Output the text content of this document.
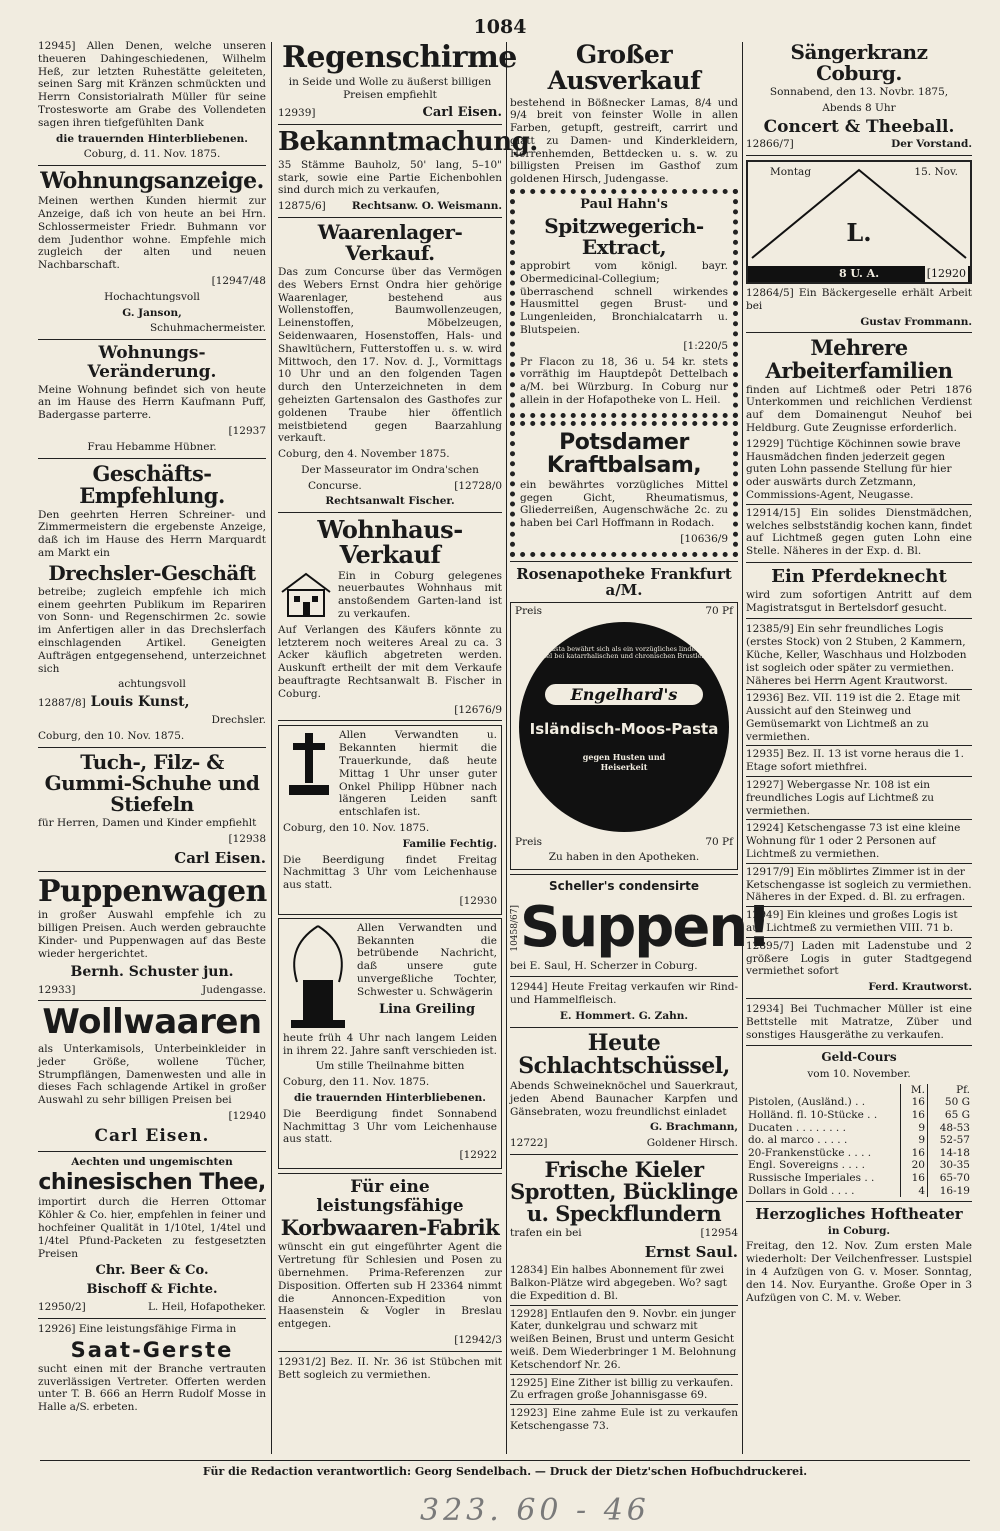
1084

12945] Allen Denen, welche unseren theueren Dahingeschiedenen, Wilhelm Heß, zur letzten Ruhestätte geleiteten, seinen Sarg mit Kränzen schmückten und Herrn Consistorialrath Müller für seine Trostesworte am Grabe des Vollendeten sagen ihren tiefgefühlten Dank

die trauernden Hinterbliebenen.

Coburg, d. 11. Nov. 1875.

Wohnungsanzeige.

Meinen werthen Kunden hiermit zur Anzeige, daß ich von heute an bei Hrn. Schlossermeister Friedr. Buhmann vor dem Judenthor wohne. Empfehle mich zugleich der alten und neuen Nachbarschaft.

[12947/48

Hochachtungsvoll

G. Janson,

Schuhmachermeister.

Wohnungs-Veränderung.

Meine Wohnung befindet sich von heute an im Hause des Herrn Kaufmann Puff, Badergasse parterre.

[12937

Frau Hebamme Hübner.

Geschäfts-Empfehlung.

Den geehrten Herren Schreiner- und Zimmermeistern die ergebenste Anzeige, daß ich im Hause des Herrn Marquardt am Markt ein

Drechsler-Geschäft

betreibe; zugleich empfehle ich mich einem geehrten Publikum im Repariren von Sonn- und Regenschirmen 2c. sowie im Anfertigen aller in das Drechslerfach einschlagenden Artikel. Geneigten Aufträgen entgegensehend, unterzeichnet sich

achtungsvoll

12887/8] Louis Kunst,

Drechsler.

Coburg, den 10. Nov. 1875.

Tuch-, Filz- & Gummi-Schuhe und Stiefeln

für Herren, Damen und Kinder empfiehlt

[12938

Carl Eisen.

Puppenwagen

in großer Auswahl empfehle ich zu billigen Preisen. Auch werden gebrauchte Kinder- und Puppenwagen auf das Beste wieder hergerichtet.

Bernh. Schuster jun.

12933]	Judengasse.

Wollwaaren

als Unterkamisols, Unterbeinkleider in jeder Größe, wollene Tücher, Strumpflängen, Damenwesten und alle in dieses Fach schlagende Artikel in großer Auswahl zu sehr billigen Preisen bei

[12940

Carl Eisen.

Aechten und ungemischten

chinesischen Thee,

importirt durch die Herren Ottomar Köhler & Co. hier, empfehlen in feiner und hochfeiner Qualität in 1/10tel, 1/4tel und 1/4tel Pfund-Packeten zu festgesetzten Preisen

Chr. Beer & Co.

Bischoff & Fichte.

12950/2]	L. Heil, Hofapotheker.

12926] Eine leistungsfähige Firma in

Saat-Gerste

sucht einen mit der Branche vertrauten zuverlässigen Vertreter. Offerten werden unter T. B. 666 an Herrn Rudolf Mosse in Halle a/S. erbeten.

Regenschirme

in Seide und Wolle zu äußerst billigen Preisen empfiehlt

12939]	Carl Eisen.

Bekanntmachung.

35 Stämme Bauholz, 50' lang, 5–10" stark, sowie eine Partie Eichenbohlen sind durch mich zu verkaufen,

12875/6] Rechtsanw. O. Weismann.

Waarenlager-Verkauf.

Das zum Concurse über das Vermögen des Webers Ernst Ondra hier gehörige Waarenlager, bestehend aus Wollenstoffen, Baumwollenzeugen, Leinenstoffen, Möbelzeugen, Seidenwaaren, Hosenstoffen, Hals- und Shawltüchern, Futterstoffen u. s. w. wird Mittwoch, den 17. Nov. d. J., Vormittags 10 Uhr und an den folgenden Tagen durch den Unterzeichneten in dem geheizten Gartensalon des Gasthofes zur goldenen Traube hier öffentlich meistbietend gegen Baarzahlung verkauft.

Coburg, den 4. November 1875.

Der Masseurator im Ondra'schen

Concurse.	[12728/0

Rechtsanwalt Fischer.

Wohnhaus-Verkauf

Ein in Coburg gelegenes neuerbautes Wohnhaus mit anstoßendem Garten-land ist zu verkaufen.

Auf Verlangen des Käufers könnte zu letzterem noch weiteres Areal zu ca. 3 Acker käuflich abgetreten werden. Auskunft ertheilt der mit dem Verkaufe beauftragte Rechtsanwalt B. Fischer in Coburg.

[12676/9

Allen Verwandten u. Bekannten hiermit die Trauerkunde, daß heute Mittag 1 Uhr unser guter Onkel Philipp Hübner nach längeren Leiden sanft entschlafen ist.

Coburg, den 10. Nov. 1875.

Familie Fechtig.

Die Beerdigung findet Freitag Nachmittag 3 Uhr vom Leichenhause aus statt.

[12930

Allen Verwandten und Bekannten die betrübende Nachricht, daß unsere gute unvergeßliche Tochter, Schwester u. Schwägerin

Lina Greiling

heute früh 4 Uhr nach langem Leiden in ihrem 22. Jahre sanft verschieden ist.

Um stille Theilnahme bitten

Coburg, den 11. Nov. 1875.

die trauernden Hinterbliebenen.

Die Beerdigung findet Sonnabend Nachmittag 3 Uhr vom Leichenhause aus statt.

[12922

Für eine leistungsfähige
Korbwaaren-Fabrik

wünscht ein gut eingeführter Agent die Vertretung für Schlesien und Posen zu übernehmen. Prima-Referenzen zur Disposition. Offerten sub H 23364 nimmt die Annoncen-Expedition von Haasenstein & Vogler in Breslau entgegen.

[12942/3

12931/2] Bez. II. Nr. 36 ist Stübchen mit Bett sogleich zu vermiethen.

Großer Ausverkauf

bestehend in Bößnecker Lamas, 8/4 und 9/4 breit von feinster Wolle in allen Farben, getupft, gestreift, carrirt und glatt zu Damen- und Kinderkleidern, Herrenhemden, Bettdecken u. s. w. zu billigsten Preisen im Gasthof zum goldenen Hirsch, Judengasse.

Paul Hahn's

Spitzwegerich-Extract,

approbirt vom königl. bayr. Obermedicinal-Collegium; überraschend schnell wirkendes Hausmittel gegen Brust- und Lungenleiden, Bronchialcatarrh u. Blutspeien.

[1:220/5

Pr Flacon zu 18, 36 u. 54 kr. stets vorräthig im Hauptdepôt Dettelbach a/M. bei Würzburg. In Coburg nur allein in der Hofapotheke von L. Heil.

Potsdamer Kraftbalsam,

ein bewährtes vorzügliches Mittel gegen Gicht, Rheumatismus, Gliederreißen, Augenschwäche 2c. zu haben bei Carl Hoffmann in Rodach.

[10636/9

Rosenapotheke Frankfurt a/M.

Preis	70 Pf

Die Pasta bewährt sich als ein vorzügliches linderndes Mittel bei katarrhalischen und chronischen Brustleiden
Engelhard's
Isländisch-Moos-Pasta
gegen Husten und Heiserkeit

Preis	70 Pf

Zu haben in den Apotheken.

Scheller's condensirte

10458/67] Suppen!

bei E. Saul, H. Scherzer in Coburg.

12944] Heute Freitag verkaufen wir Rind- und Hammelfleisch.

E. Hommert. G. Zahn.

Heute Schlachtschüssel,

Abends Schweineknöchel und Sauerkraut, jeden Abend Baunacher Karpfen und Gänsebraten, wozu freundlichst einladet

G. Brachmann,

12722]	Goldener Hirsch.

Frische Kieler Sprotten, Bücklinge u. Speckflundern

trafen ein bei	[12954

Ernst Saul.

12834] Ein halbes Abonnement für zwei Balkon-Plätze wird abgegeben. Wo? sagt die Expedition d. Bl.

12928] Entlaufen den 9. Novbr. ein junger Kater, dunkelgrau und schwarz mit weißen Beinen, Brust und unterm Gesicht weiß. Dem Wiederbringer 1 M. Belohnung Ketschendorf Nr. 26.

12925] Eine Zither ist billig zu verkaufen. Zu erfragen große Johannisgasse 69.

12923] Eine zahme Eule ist zu verkaufen Ketschengasse 73.

Sängerkranz Coburg.

Sonnabend, den 13. Novbr. 1875,

Abends 8 Uhr

Concert & Theeball.

12866/7]	Der Vorstand.

Montag	15. Nov.
L.
8 U. A.	[12920

12864/5] Ein Bäckergeselle erhält Arbeit bei

Gustav Frommann.

Mehrere Arbeiterfamilien

finden auf Lichtmeß oder Petri 1876 Unterkommen und reichlichen Verdienst auf dem Domainengut Neuhof bei Heldburg. Gute Zeugnisse erforderlich.

12929] Tüchtige Köchinnen sowie brave Hausmädchen finden jederzeit gegen guten Lohn passende Stellung für hier oder auswärts durch Zetzmann, Commissions-Agent, Neugasse.

12914/15] Ein solides Dienstmädchen, welches selbstständig kochen kann, findet auf Lichtmeß gegen guten Lohn eine Stelle. Näheres in der Exp. d. Bl.

Ein Pferdeknecht

wird zum sofortigen Antritt auf dem Magistratsgut in Bertelsdorf gesucht.

12385/9] Ein sehr freundliches Logis (erstes Stock) von 2 Stuben, 2 Kammern, Küche, Keller, Waschhaus und Holzboden ist sogleich oder später zu vermiethen. Näheres bei Herrn Agent Krautworst.

12936] Bez. VII. 119 ist die 2. Etage mit Aussicht auf den Steinweg und Gemüsemarkt von Lichtmeß an zu vermiethen.

12935] Bez. II. 13 ist vorne heraus die 1. Etage sofort miethfrei.

12927] Webergasse Nr. 108 ist ein freundliches Logis auf Lichtmeß zu vermiethen.

12924] Ketschengasse 73 ist eine kleine Wohnung für 1 oder 2 Personen auf Lichtmeß zu vermiethen.

12917/9] Ein möblirtes Zimmer ist in der Ketschengasse ist sogleich zu vermiethen. Näheres in der Exped. d. Bl. zu erfragen.

12949] Ein kleines und großes Logis ist auf Lichtmeß zu vermiethen VIII. 71 b.

12895/7] Laden mit Ladenstube und 2 größere Logis in guter Stadtgegend vermiethet sofort

Ferd. Krautworst.

12934] Bei Tuchmacher Müller ist eine Bettstelle mit Matratze, Züber und sonstiges Hausgeräthe zu verkaufen.

Geld-Cours

vom 10. November.

	M.	Pf.
Pistolen, (Ausländ.) . .	16	50 G
Holländ. fl. 10-Stücke . .	16	65 G
Ducaten . . . . . . . .	9	48-53
do. al marco . . . . .	9	52-57
20-Frankenstücke . . . .	16	14-18
Engl. Sovereigns . . . .	20	30-35
Russische Imperiales . .	16	65-70
Dollars in Gold . . . .	4	16-19
Herzogliches Hoftheater

in Coburg.

Freitag, den 12. Nov. Zum ersten Male wiederholt: Der Veilchenfresser. Lustspiel in 4 Aufzügen von G. v. Moser. Sonntag, den 14. Nov. Euryanthe. Große Oper in 3 Aufzügen von C. M. v. Weber.

Für die Redaction verantwortlich: Georg Sendelbach. — Druck der Dietz'schen Hofbuchdruckerei.
323. 60 - 46
